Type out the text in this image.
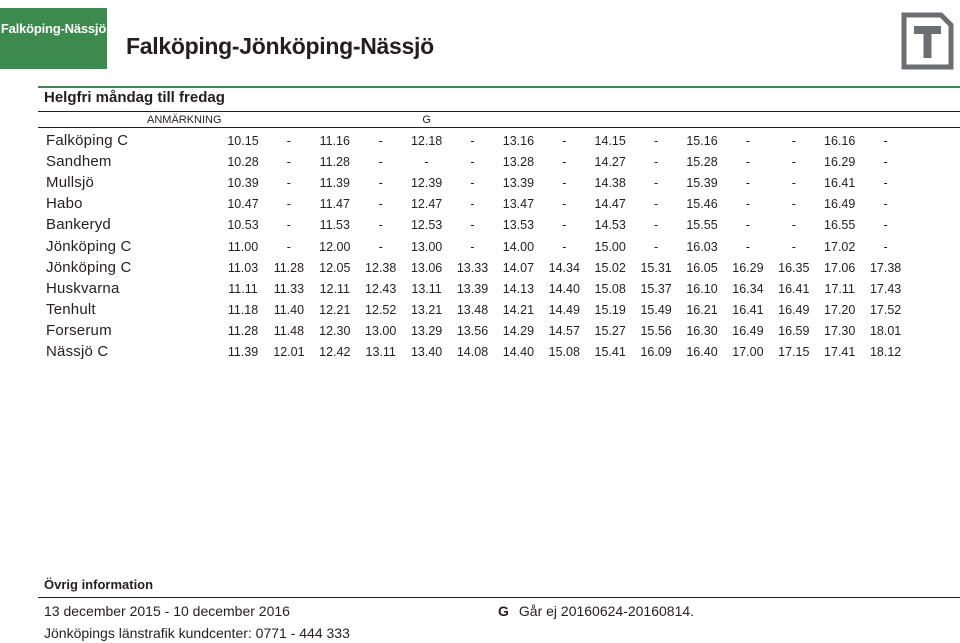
Falköping-Nässjö
Falköping-Jönköping-Nässjö
Helgfri måndag till fredag
ANMÄRKNING	G
Falköping C	10.15	-	11.16	-	12.18	-	13.16	-	14.15	-	15.16	-	-	16.16	-
Sandhem	10.28	-	11.28	-	-	-	13.28	-	14.27	-	15.28	-	-	16.29	-
Mullsjö	10.39	-	11.39	-	12.39	-	13.39	-	14.38	-	15.39	-	-	16.41	-
Habo	10.47	-	11.47	-	12.47	-	13.47	-	14.47	-	15.46	-	-	16.49	-
Bankeryd	10.53	-	11.53	-	12.53	-	13.53	-	14.53	-	15.55	-	-	16.55	-
Jönköping C	11.00	-	12.00	-	13.00	-	14.00	-	15.00	-	16.03	-	-	17.02	-
Jönköping C	11.03	11.28	12.05	12.38	13.06	13.33	14.07	14.34	15.02	15.31	16.05	16.29	16.35	17.06	17.38
Huskvarna	11.11	11.33	12.11	12.43	13.11	13.39	14.13	14.40	15.08	15.37	16.10	16.34	16.41	17.11	17.43
Tenhult	11.18	11.40	12.21	12.52	13.21	13.48	14.21	14.49	15.19	15.49	16.21	16.41	16.49	17.20	17.52
Forserum	11.28	11.48	12.30	13.00	13.29	13.56	14.29	14.57	15.27	15.56	16.30	16.49	16.59	17.30	18.01
Nässjö C	11.39	12.01	12.42	13.11	13.40	14.08	14.40	15.08	15.41	16.09	16.40	17.00	17.15	17.41	18.12
Övrig information
13 december 2015 - 10 december 2016
Jönköpings länstrafik kundcenter: 0771 - 444 333
G Går ej 20160624-20160814.
